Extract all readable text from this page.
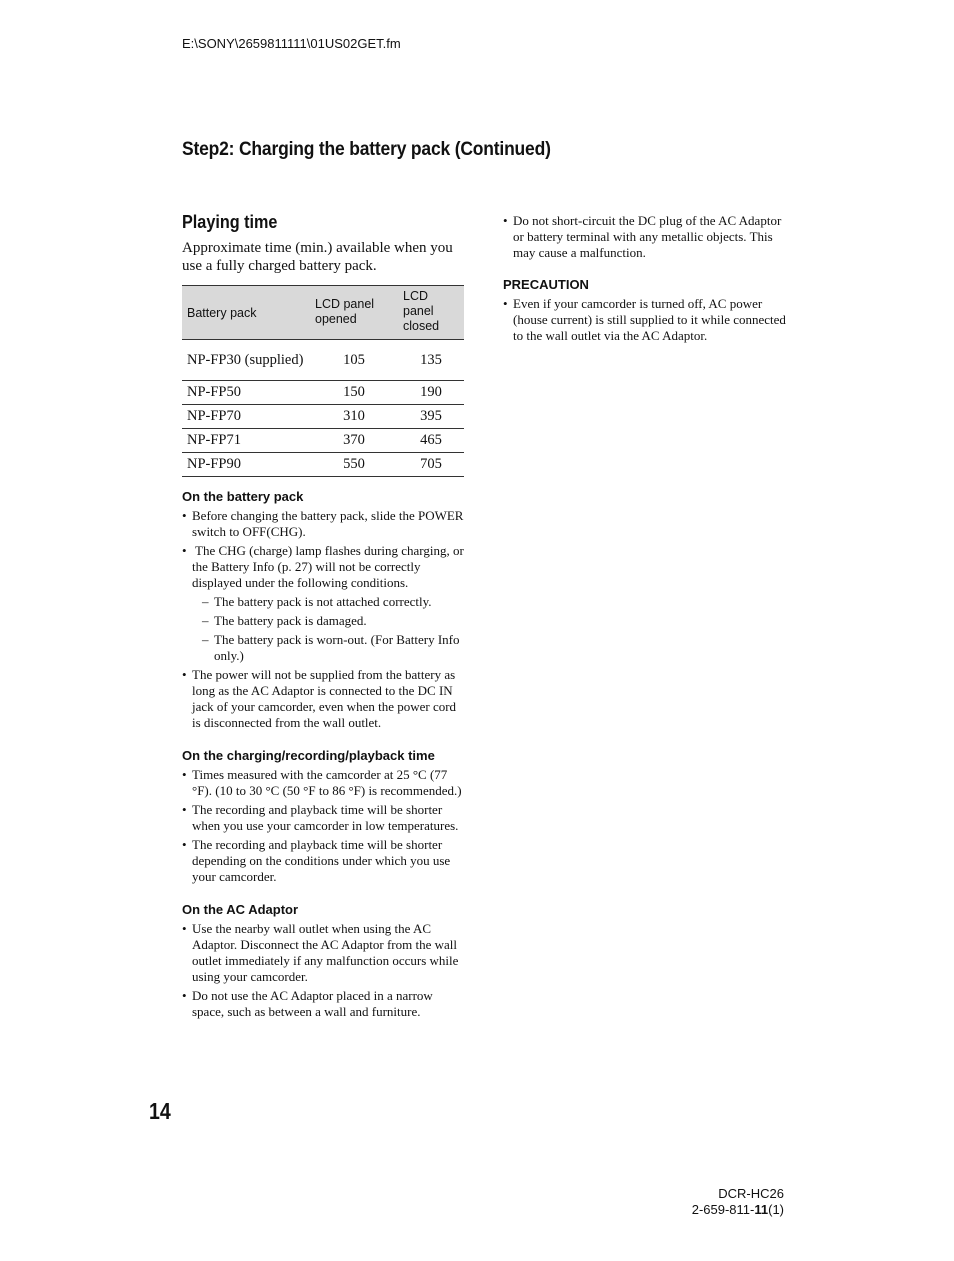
E:\SONY\2659811111\01US02GET.fm
Step2: Charging the battery pack (Continued)
Playing time

Approximate time (min.) available when you use a fully charged battery pack.

Battery pack	LCD panel opened	LCD panel closed
NP-FP30 (supplied)	105	135
NP-FP50	150	190
NP-FP70	310	395
NP-FP71	370	465
NP-FP90	550	705
On the battery pack
• Before changing the battery pack, slide the POWER switch to OFF(CHG).
• The CHG (charge) lamp flashes during charging, or the Battery Info (p. 27) will not be correctly displayed under the following conditions.
– The battery pack is not attached correctly.
– The battery pack is damaged.
– The battery pack is worn-out. (For Battery Info only.)
• The power will not be supplied from the battery as long as the AC Adaptor is connected to the DC IN jack of your camcorder, even when the power cord is disconnected from the wall outlet.
On the charging/recording/playback time
• Times measured with the camcorder at 25 °C (77 °F). (10 to 30 °C (50 °F to 86 °F) is recommended.)
• The recording and playback time will be shorter when you use your camcorder in low temperatures.
• The recording and playback time will be shorter depending on the conditions under which you use your camcorder.
On the AC Adaptor
• Use the nearby wall outlet when using the AC Adaptor. Disconnect the AC Adaptor from the wall outlet immediately if any malfunction occurs while using your camcorder.
• Do not use the AC Adaptor placed in a narrow space, such as between a wall and furniture.
• Do not short-circuit the DC plug of the AC Adaptor or battery terminal with any metallic objects. This may cause a malfunction.
PRECAUTION
• Even if your camcorder is turned off, AC power (house current) is still supplied to it while connected to the wall outlet via the AC Adaptor.
14
DCR-HC26
2-659-811-11(1)
